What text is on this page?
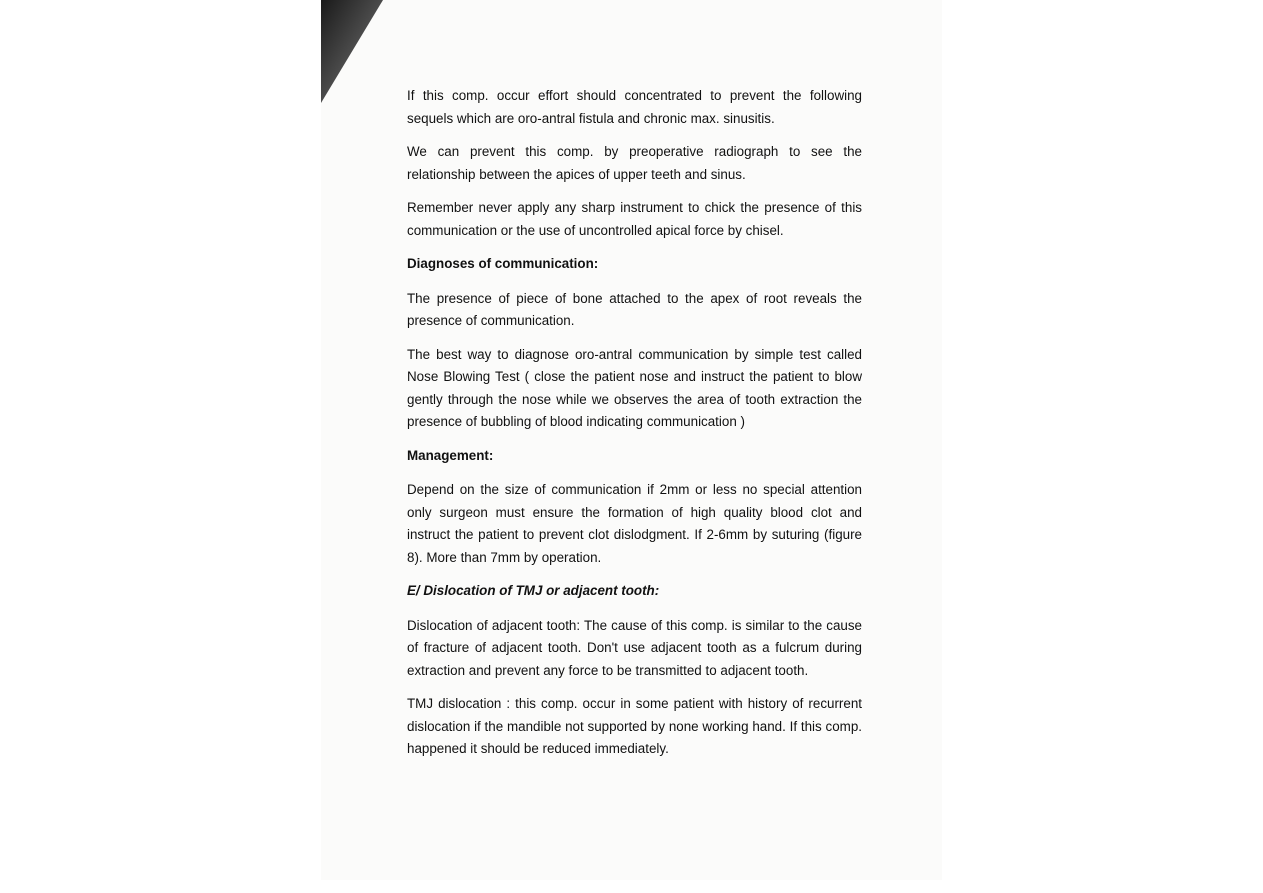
If this comp. occur effort should concentrated to prevent the following sequels which are oro-antral fistula and chronic max. sinusitis.

We can prevent this comp. by preoperative radiograph to see the relationship between the apices of upper teeth and sinus.

Remember never apply any sharp instrument to chick the presence of this communication or the use of uncontrolled apical force by chisel.

Diagnoses of communication:

The presence of piece of bone attached to the apex of root reveals the presence of communication.

The best way to diagnose oro-antral communication by simple test called Nose Blowing Test ( close the patient nose and instruct the patient to blow gently through the nose while we observes the area of tooth extraction the presence of bubbling of blood indicating communication )

Management:

Depend on the size of communication if 2mm or less no special attention only surgeon must ensure the formation of high quality blood clot and instruct the patient to prevent clot dislodgment. If 2-6mm by suturing (figure 8). More than 7mm by operation.

E/ Dislocation of TMJ or adjacent tooth:

Dislocation of adjacent tooth: The cause of this comp. is similar to the cause of fracture of adjacent tooth. Don't use adjacent tooth as a fulcrum during extraction and prevent any force to be transmitted to adjacent tooth.

TMJ dislocation : this comp. occur in some patient with history of recurrent dislocation if the mandible not supported by none working hand. If this comp. happened it should be reduced immediately.
